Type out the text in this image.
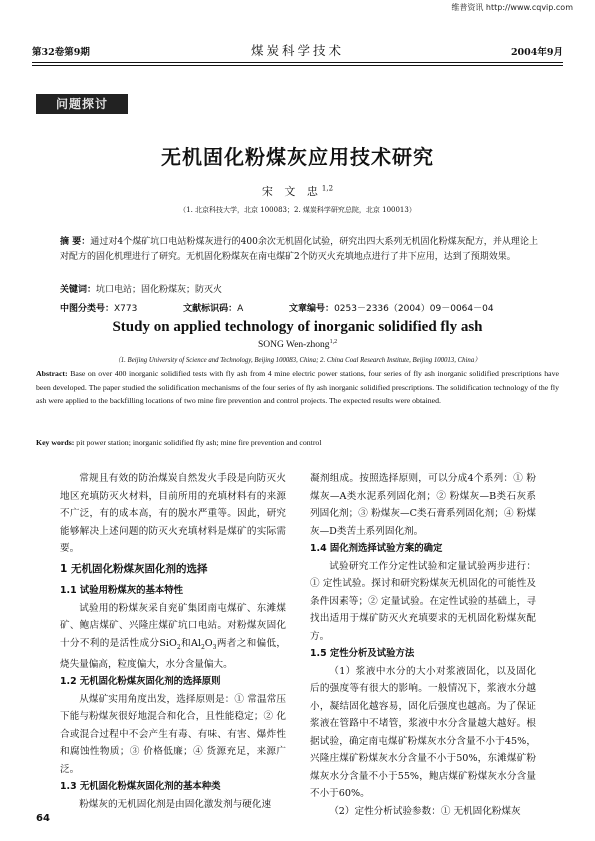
维普资讯 http://www.cqvip.com
第32卷第9期	煤炭科学技术	2004年9月
问题探讨
无机固化粉煤灰应用技术研究
宋 文 忠$^{1,2}$
（1. 北京科技大学，北京 100083；2. 煤炭科学研究总院，北京 100013）
摘 要：通过对4个煤矿坑口电站粉煤灰进行的400余次无机固化试验，研究出四大系列无机固化粉煤灰配方，并从理论上对配方的固化机理进行了研究。无机固化粉煤灰在南屯煤矿2个防灭火充填地点进行了井下应用，达到了预期效果。
关键词：坑口电站；固化粉煤灰；防灭火
中图分类号：X773	文献标识码：A	文章编号：0253－2336（2004）09－0064－04
Study on applied technology of inorganic solidified fly ash
SONG Wen-zhong$^{1,2}$
（1. Beijing University of Science and Technology, Beijing 100083, China; 2. China Coal Research Institute, Beijing 100013, China）
Abstract: Base on over 400 inorganic solidified tests with fly ash from 4 mine electric power stations, four series of fly ash inorganic solidified prescriptions have been developed. The paper studied the solidification mechanisms of the four series of fly ash inorganic solidified prescriptions. The solidification technology of the fly ash were applied to the backfilling locations of two mine fire prevention and control projects. The expected results were obtained.
Key words: pit power station; inorganic solidified fly ash; mine fire prevention and control

常规且有效的防治煤炭自然发火手段是向防灭火地区充填防灭火材料，目前所用的充填材料有的来源不广泛，有的成本高，有的脱水严重等。因此，研究能够解决上述问题的防灭火充填材料是煤矿的实际需要。

1 无机固化粉煤灰固化剂的选择
1.1 试验用粉煤灰的基本特性

试验用的粉煤灰采自兖矿集团南屯煤矿、东滩煤矿、鲍店煤矿、兴隆庄煤矿坑口电站。对粉煤灰固化十分不利的是活性成分SiO$_2$和$Al_2O_3$两者之和偏低，烧失量偏高，粒度偏大，水分含量偏大。

1.2 无机固化粉煤灰固化剂的选择原则

从煤矿实用角度出发，选择原则是：① 常温常压下能与粉煤灰很好地混合和化合，且性能稳定；② 化合或混合过程中不会产生有毒、有味、有害、爆炸性和腐蚀性物质；③ 价格低廉；④ 货源充足，来源广泛。

1.3 无机固化粉煤灰固化剂的基本种类

粉煤灰的无机固化剂是由固化激发剂与硬化速

凝剂组成。按照选择原则，可以分成4个系列：① 粉煤灰—A类水泥系列固化剂；② 粉煤灰—B类石灰系列固化剂；③ 粉煤灰—C类石膏系列固化剂；④ 粉煤灰—D类苦土系列固化剂。

1.4 固化剂选择试验方案的确定

试验研究工作分定性试验和定量试验两步进行：① 定性试验。探讨和研究粉煤灰无机固化的可能性及条件因素等；② 定量试验。在定性试验的基础上，寻找出适用于煤矿防灭火充填要求的无机固化粉煤灰配方。

1.5 定性分析及试验方法

（1）浆液中水分的大小对浆液固化，以及固化后的强度等有很大的影响。一般情况下，浆液水分越小，凝结固化越容易，固化后强度也越高。为了保证浆液在管路中不堵管，浆液中水分含量越大越好。根据试验，确定南屯煤矿粉煤灰水分含量不小于45%，兴隆庄煤矿粉煤灰水分含量不小于50%，东滩煤矿粉煤灰水分含量不小于55%，鲍店煤矿粉煤灰水分含量不小于60%。

（2）定性分析试验参数：① 无机固化粉煤灰

64
